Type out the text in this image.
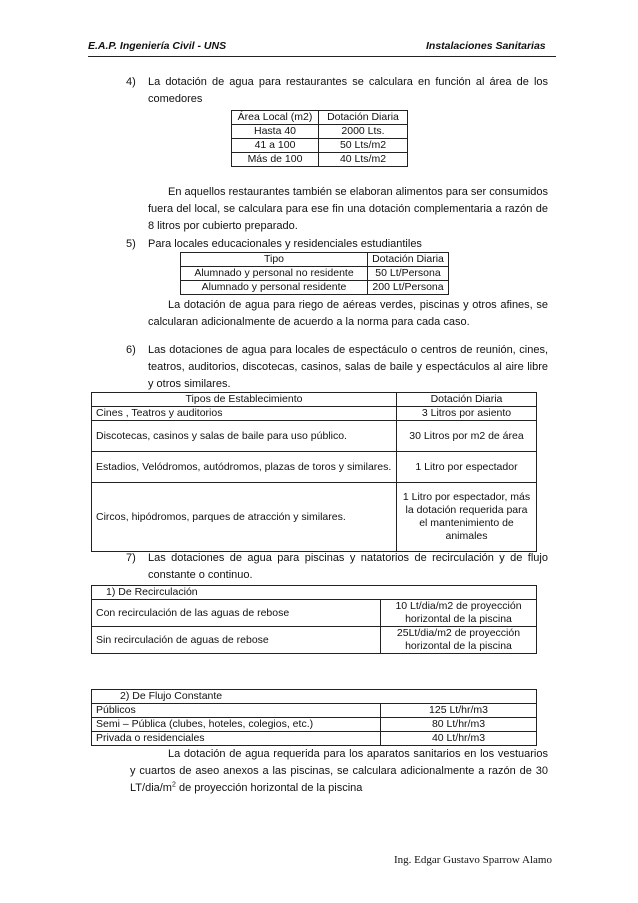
E.A.P. Ingeniería Civil - UNS	Instalaciones Sanitarias
4) La dotación de agua para restaurantes se calculara en función al área de los comedores
Área Local (m2)	Dotación Diaria
Hasta 40	2000 Lts.
41 a 100	50 Lts/m2
Más de 100	40 Lts/m2
En aquellos restaurantes también se elaboran alimentos para ser consumidos fuera del local, se calculara para ese fin una dotación complementaria a razón de 8 litros por cubierto preparado.
5) Para locales educacionales y residenciales estudiantiles
Tipo	Dotación Diaria
Alumnado y personal no residente	50 Lt/Persona
Alumnado y personal residente	200 Lt/Persona
La dotación de agua para riego de aéreas verdes, piscinas y otros afines, se calcularan adicionalmente de acuerdo a la norma para cada caso.
6) Las dotaciones de agua para locales de espectáculo o centros de reunión, cines, teatros, auditorios, discotecas, casinos, salas de baile y espectáculos al aire libre y otros similares.
Tipos de Establecimiento	Dotación Diaria
Cines , Teatros y auditorios	3 Litros por asiento
Discotecas, casinos y salas de baile para uso público.	30 Litros por m2 de área
Estadios, Velódromos, autódromos, plazas de toros y similares.	1 Litro por espectador
Circos, hipódromos, parques de atracción y similares.	1 Litro por espectador, más la dotación requerida para el mantenimiento de animales
7) Las dotaciones de agua para piscinas y natatorios de recirculación y de flujo constante o continuo.
1) De Recirculación	
Con recirculación de las aguas de rebose	10 Lt/dia/m2 de proyección horizontal de la piscina
Sin recirculación de aguas de rebose	25Lt/dia/m2 de proyección horizontal de la piscina
2) De Flujo Constante	
Públicos	125 Lt/hr/m3
Semi – Pública (clubes, hoteles, colegios, etc.)	80 Lt/hr/m3
Privada o residenciales	40 Lt/hr/m3
La dotación de agua requerida para los aparatos sanitarios en los vestuarios y cuartos de aseo anexos a las piscinas, se calculara adicionalmente a razón de 30 $LT/dia/m^2$ de proyección horizontal de la piscina
Ing. Edgar Gustavo Sparrow Alamo
